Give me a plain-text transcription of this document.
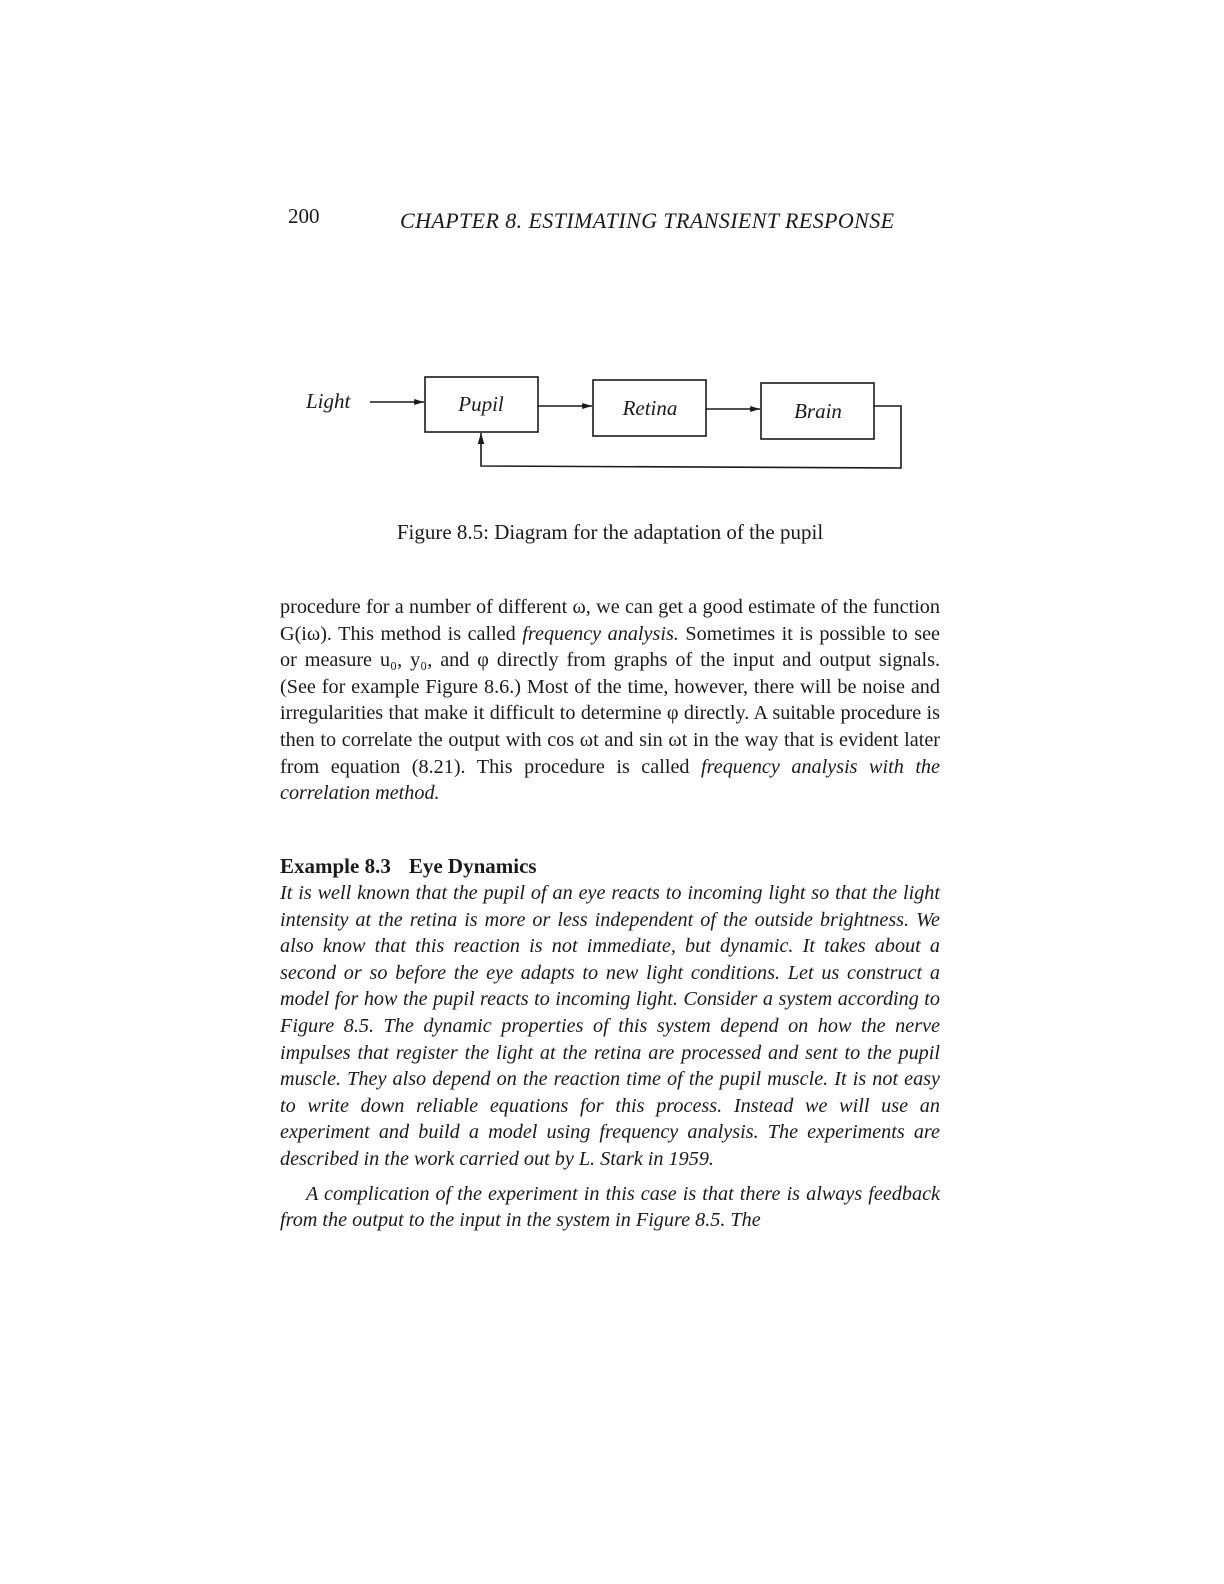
200	CHAPTER 8. ESTIMATING TRANSIENT RESPONSE
Light	Pupil	Retina	Brain
Figure 8.5: Diagram for the adaptation of the pupil

procedure for a number of different ω, we can get a good estimate of the function G(iω). This method is called frequency analysis. Sometimes it is possible to see or measure u₀, y₀, and φ directly from graphs of the input and output signals. (See for example Figure 8.6.) Most of the time, however, there will be noise and irregularities that make it difficult to determine φ directly. A suitable procedure is then to correlate the output with cos ωt and sin ωt in the way that is evident later from equation (8.21). This procedure is called frequency analysis with the correlation method.

Example 8.3 Eye Dynamics

It is well known that the pupil of an eye reacts to incoming light so that the light intensity at the retina is more or less independent of the outside brightness. We also know that this reaction is not immediate, but dynamic. It takes about a second or so before the eye adapts to new light conditions. Let us construct a model for how the pupil reacts to incoming light. Consider a system according to Figure 8.5. The dynamic properties of this system depend on how the nerve impulses that register the light at the retina are processed and sent to the pupil muscle. They also depend on the reaction time of the pupil muscle. It is not easy to write down reliable equations for this process. Instead we will use an experiment and build a model using frequency analysis. The experiments are described in the work carried out by L. Stark in 1959.

A complication of the experiment in this case is that there is always feedback from the output to the input in the system in Figure 8.5. The
